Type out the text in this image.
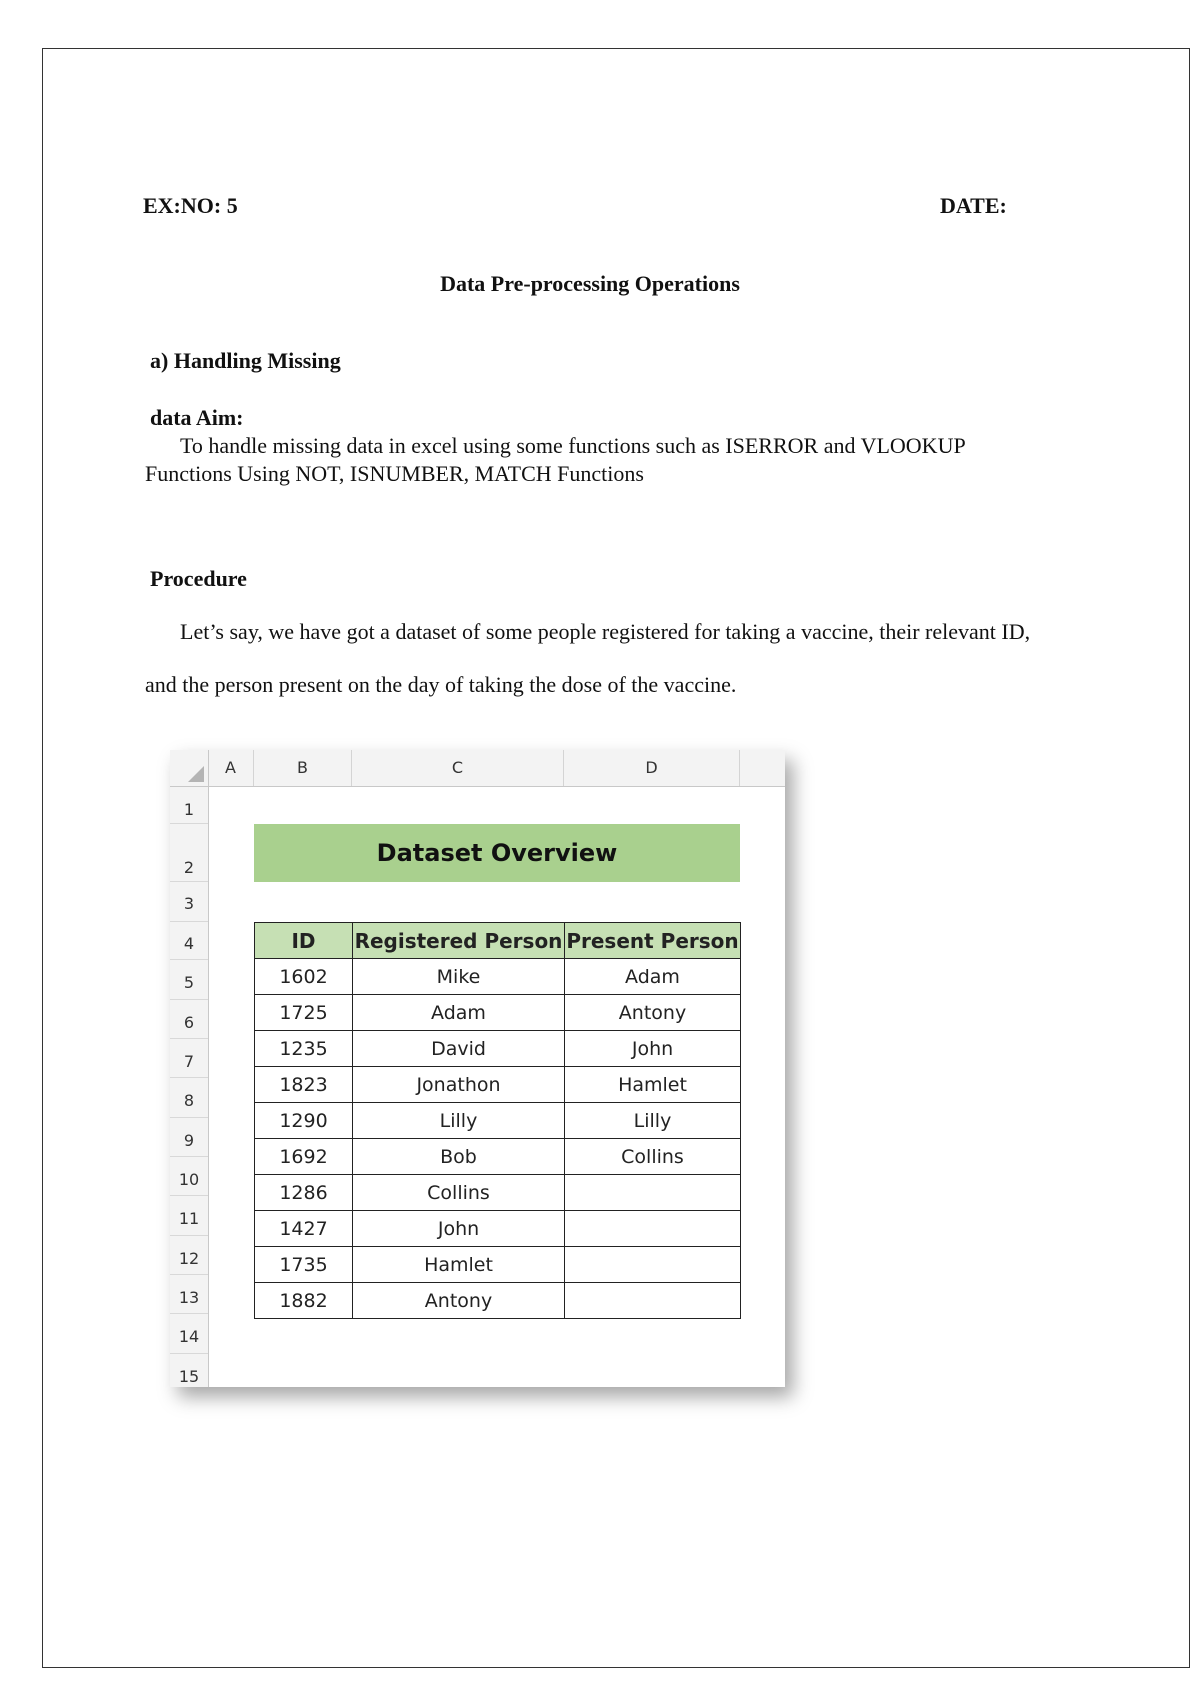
EX:NO: 5	DATE:
Data Pre-processing Operations
a) Handling Missing
data Aim:
To handle missing data in excel using some functions such as ISERROR and VLOOKUP
Functions Using NOT, ISNUMBER, MATCH Functions
Procedure
Let’s say, we have got a dataset of some people registered for taking a vaccine, their relevant ID,
and the person present on the day of taking the dose of the vaccine.
A	B	C	D
1
2
3
4
5
6
7
8
9
10
11
12
13
14
15
Dataset Overview
ID	Registered Person	Present Person
1602	Mike	Adam
1725	Adam	Antony
1235	David	John
1823	Jonathon	Hamlet
1290	Lilly	Lilly
1692	Bob	Collins
1286	Collins	
1427	John	
1735	Hamlet	
1882	Antony	
